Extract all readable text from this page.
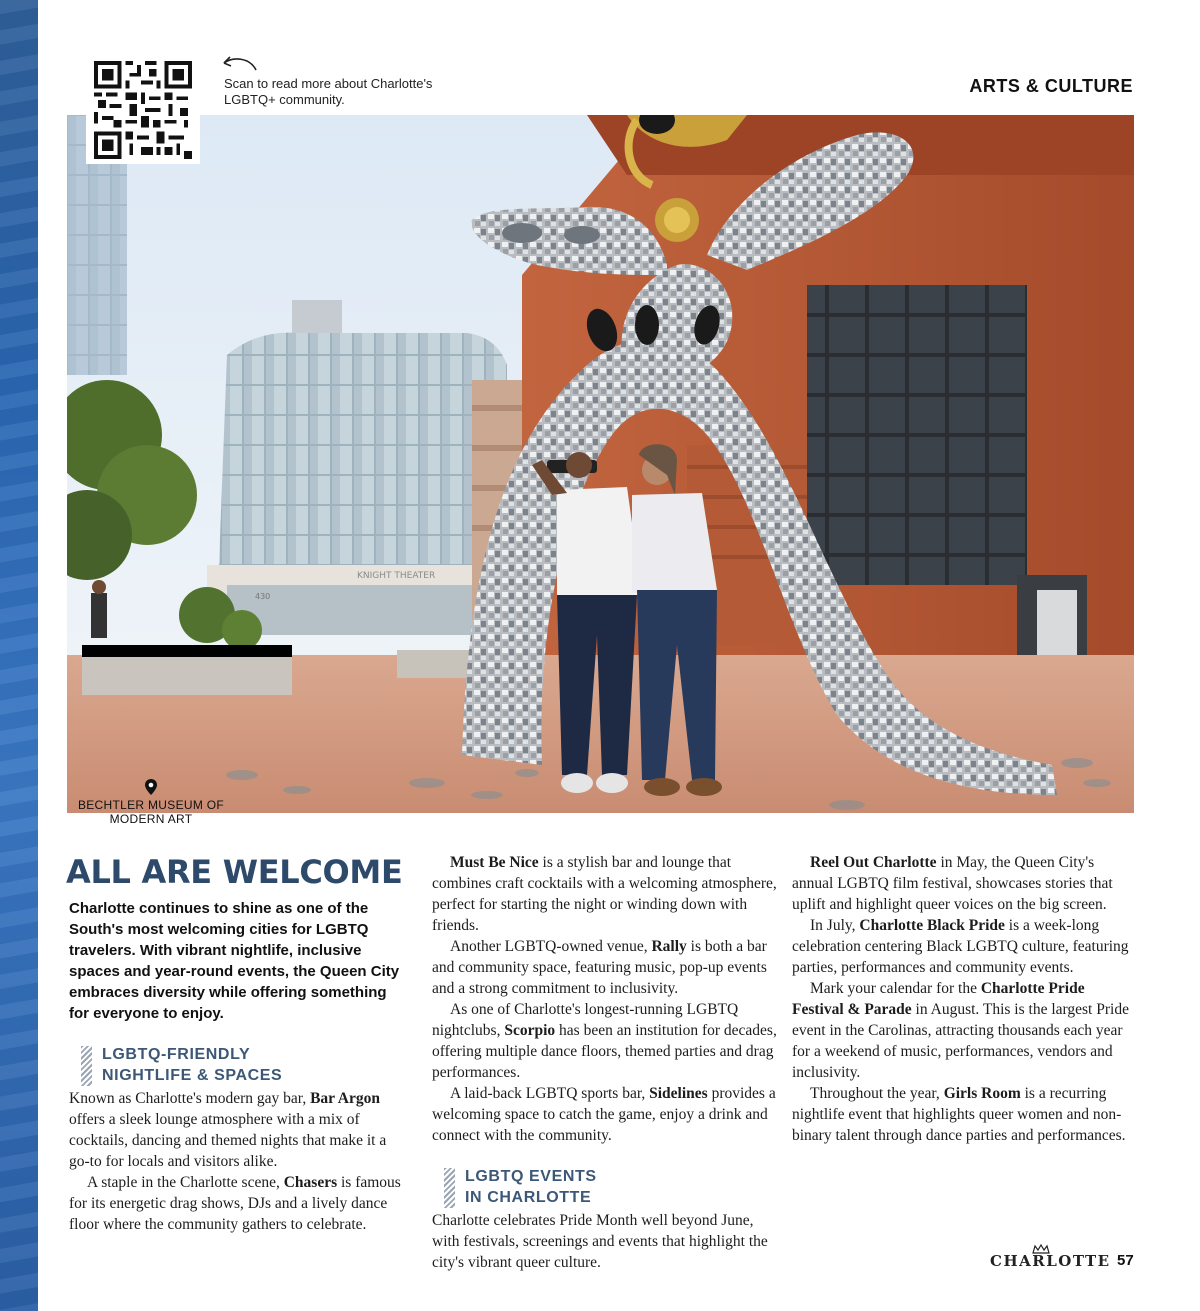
Scan to read more about Charlotte's LGBTQ+ community.
ARTS & CULTURE
KNIGHT THEATER
430
BECHTLER MUSEUM OF MODERN ART
ALL ARE WELCOME

Charlotte continues to shine as one of the South's most welcoming cities for LGBTQ travelers. With vibrant nightlife, inclusive spaces and year-round events, the Queen City embraces diversity while offering something for everyone to enjoy.

LGBTQ-FRIENDLY
NIGHTLIFE & SPACES

Known as Charlotte's modern gay bar, Bar Argon offers a sleek lounge atmosphere with a mix of cocktails, dancing and themed nights that make it a go-to for locals and visitors alike.

A staple in the Charlotte scene, Chasers is famous for its energetic drag shows, DJs and a lively dance floor where the community gathers to celebrate.

Must Be Nice is a stylish bar and lounge that combines craft cocktails with a welcoming atmosphere, perfect for starting the night or winding down with friends.

Another LGBTQ-owned venue, Rally is both a bar and community space, featuring music, pop-up events and a strong commitment to inclusivity.

As one of Charlotte's longest-running LGBTQ nightclubs, Scorpio has been an institution for decades, offering multiple dance floors, themed parties and drag performances.

A laid-back LGBTQ sports bar, Sidelines provides a welcoming space to catch the game, enjoy a drink and connect with the community.

LGBTQ EVENTS
IN CHARLOTTE

Charlotte celebrates Pride Month well beyond June, with festivals, screenings and events that highlight the city's vibrant queer culture.

Reel Out Charlotte in May, the Queen City's annual LGBTQ film festival, showcases stories that uplift and highlight queer voices on the big screen.

In July, Charlotte Black Pride is a week-long celebration centering Black LGBTQ culture, featuring parties, performances and community events.

Mark your calendar for the Charlotte Pride Festival & Parade in August. This is the largest Pride event in the Carolinas, attracting thousands each year for a weekend of music, performances, vendors and inclusivity.

Throughout the year, Girls Room is a recurring nightlife event that highlights queer women and non-binary talent through dance parties and performances.

CHARLOTTE 57
